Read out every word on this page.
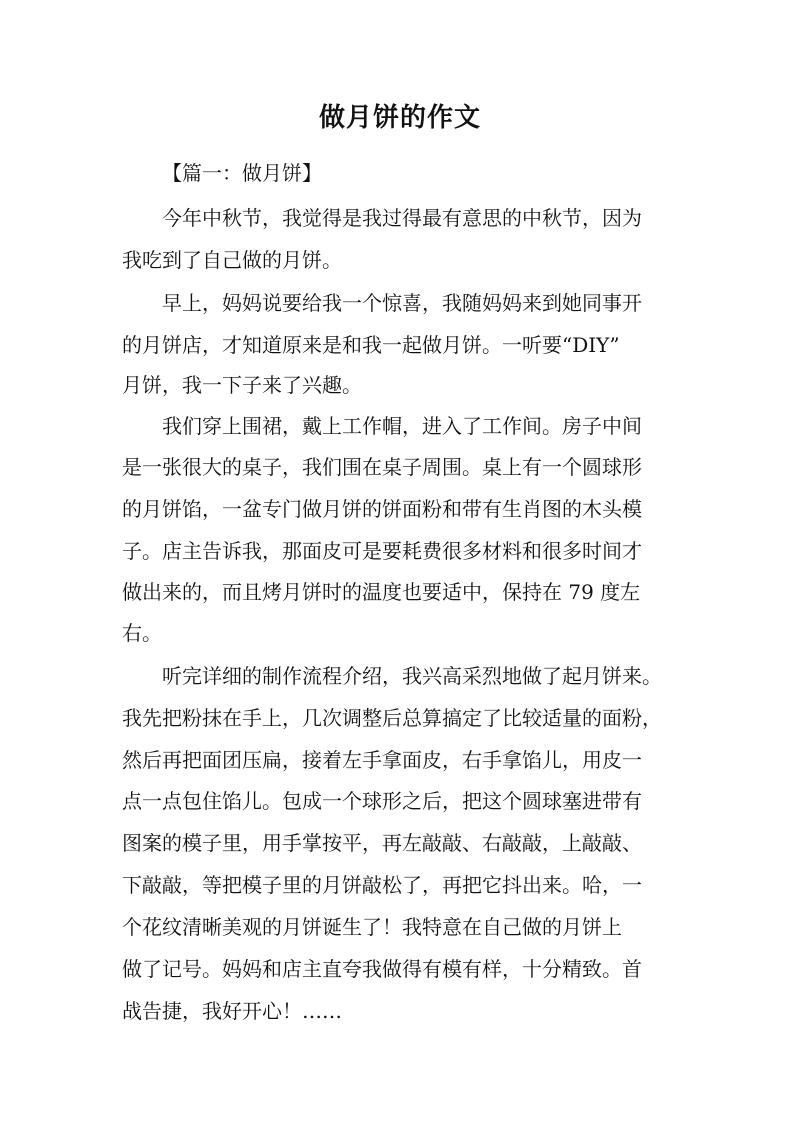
做月饼的作文

【篇一：做月饼】

今年中秋节，我觉得是我过得最有意思的中秋节，因为

我吃到了自己做的月饼。

早上，妈妈说要给我一个惊喜，我随妈妈来到她同事开

的月饼店，才知道原来是和我一起做月饼。一听要“DIY”

月饼，我一下子来了兴趣。

我们穿上围裙，戴上工作帽，进入了工作间。房子中间

是一张很大的桌子，我们围在桌子周围。桌上有一个圆球形

的月饼馅，一盆专门做月饼的饼面粉和带有生肖图的木头模

子。店主告诉我，那面皮可是要耗费很多材料和很多时间才

做出来的，而且烤月饼时的温度也要适中，保持在 79 度左

右。

听完详细的制作流程介绍，我兴高采烈地做了起月饼来。

我先把粉抹在手上，几次调整后总算搞定了比较适量的面粉，

然后再把面团压扁，接着左手拿面皮，右手拿馅儿，用皮一

点一点包住馅儿。包成一个球形之后，把这个圆球塞进带有

图案的模子里，用手掌按平，再左敲敲、右敲敲，上敲敲、

下敲敲，等把模子里的月饼敲松了，再把它抖出来。哈，一

个花纹清晰美观的月饼诞生了！我特意在自己做的月饼上

做了记号。妈妈和店主直夸我做得有模有样，十分精致。首

战告捷，我好开心！……
